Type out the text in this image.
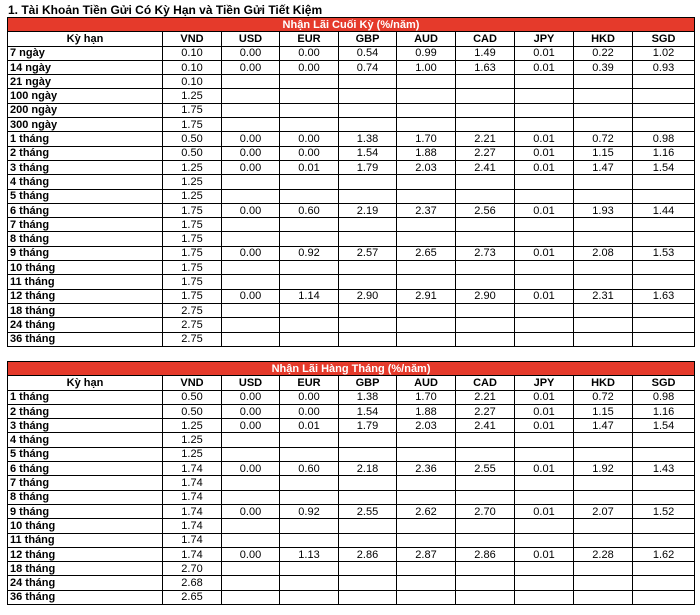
1. Tài Khoản Tiền Gửi Có Kỳ Hạn và Tiền Gửi Tiết Kiệm
Nhận Lãi Cuối Kỳ (%/năm)									
Kỳ hạn	VND	USD	EUR	GBP	AUD	CAD	JPY	HKD	SGD
7 ngày	0.10	0.00	0.00	0.54	0.99	1.49	0.01	0.22	1.02
14 ngày	0.10	0.00	0.00	0.74	1.00	1.63	0.01	0.39	0.93
21 ngày	0.10								
100 ngày	1.25								
200 ngày	1.75								
300 ngày	1.75								
1 tháng	0.50	0.00	0.00	1.38	1.70	2.21	0.01	0.72	0.98
2 tháng	0.50	0.00	0.00	1.54	1.88	2.27	0.01	1.15	1.16
3 tháng	1.25	0.00	0.01	1.79	2.03	2.41	0.01	1.47	1.54
4 tháng	1.25								
5 tháng	1.25								
6 tháng	1.75	0.00	0.60	2.19	2.37	2.56	0.01	1.93	1.44
7 tháng	1.75								
8 tháng	1.75								
9 tháng	1.75	0.00	0.92	2.57	2.65	2.73	0.01	2.08	1.53
10 tháng	1.75								
11 tháng	1.75								
12 tháng	1.75	0.00	1.14	2.90	2.91	2.90	0.01	2.31	1.63
18 tháng	2.75								
24 tháng	2.75								
36 tháng	2.75								
Nhận Lãi Hàng Tháng (%/năm)									
Kỳ hạn	VND	USD	EUR	GBP	AUD	CAD	JPY	HKD	SGD
1 tháng	0.50	0.00	0.00	1.38	1.70	2.21	0.01	0.72	0.98
2 tháng	0.50	0.00	0.00	1.54	1.88	2.27	0.01	1.15	1.16
3 tháng	1.25	0.00	0.01	1.79	2.03	2.41	0.01	1.47	1.54
4 tháng	1.25								
5 tháng	1.25								
6 tháng	1.74	0.00	0.60	2.18	2.36	2.55	0.01	1.92	1.43
7 tháng	1.74								
8 tháng	1.74								
9 tháng	1.74	0.00	0.92	2.55	2.62	2.70	0.01	2.07	1.52
10 tháng	1.74								
11 tháng	1.74								
12 tháng	1.74	0.00	1.13	2.86	2.87	2.86	0.01	2.28	1.62
18 tháng	2.70								
24 tháng	2.68								
36 tháng	2.65								
